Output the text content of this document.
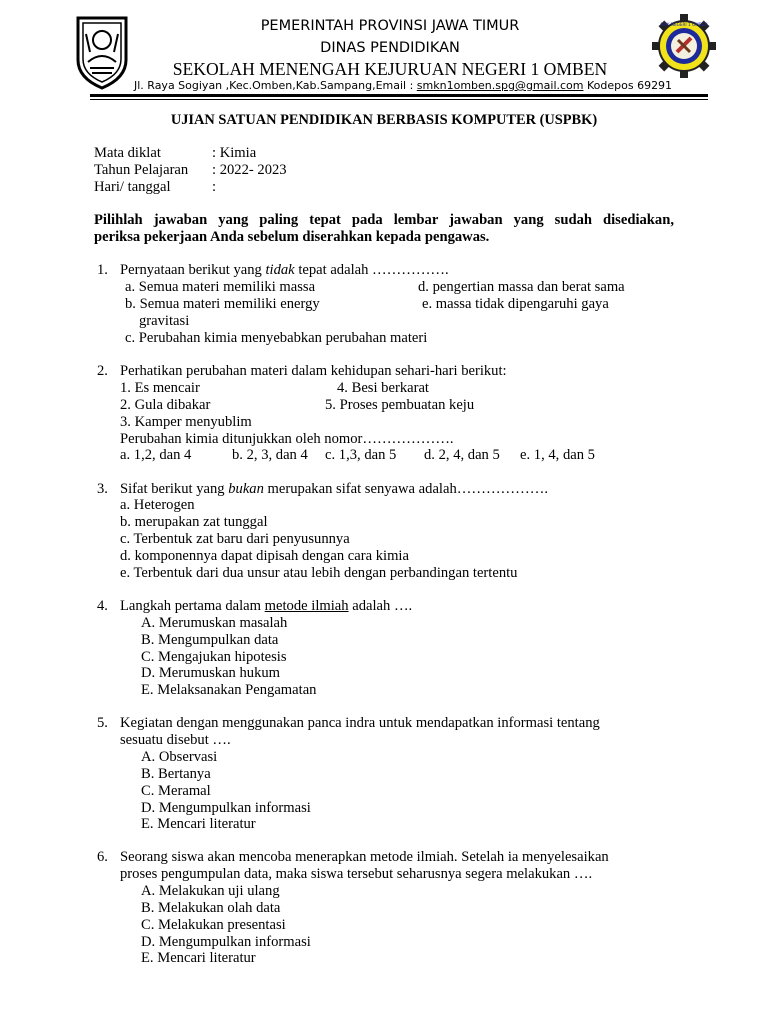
SMK NEGERI 1 OMBEN
PEMERINTAH PROVINSI JAWA TIMUR
DINAS PENDIDIKAN
SEKOLAH MENENGAH KEJURUAN NEGERI 1 OMBEN
Jl. Raya Sogiyan ,Kec.Omben,Kab.Sampang,Email : smkn1omben.spg@gmail.com Kodepos 69291
UJIAN SATUAN PENDIDIKAN BERBASIS KOMPUTER (USPBK)
Mata diklat	: Kimia
Tahun Pelajaran : 2022- 2023
Hari/ tanggal	:
Pilihlah jawaban yang paling tepat pada lembar jawaban yang sudah disediakan,
periksa pekerjaan Anda sebelum diserahkan kepada pengawas.
1. Pernyataan berikut yang tidak tepat adalah …………….
a. Semua materi memiliki massa	d. pengertian massa dan berat sama
b. Semua materi memiliki energy	e. massa tidak dipengaruhi gaya
gravitasi
c. Perubahan kimia menyebabkan perubahan materi
2. Perhatikan perubahan materi dalam kehidupan sehari-hari berikut:
1. Es mencair	4. Besi berkarat
2. Gula dibakar	5. Proses pembuatan keju
3. Kamper menyublim
Perubahan kimia ditunjukkan oleh nomor……………….
a. 1,2, dan 4	b. 2, 3, dan 4 c. 1,3, dan 5 d. 2, 4, dan 5 e. 1, 4, dan 5
3. Sifat berikut yang bukan merupakan sifat senyawa adalah……………….
a. Heterogen
b. merupakan zat tunggal
c. Terbentuk zat baru dari penyusunnya
d. komponennya dapat dipisah dengan cara kimia
e. Terbentuk dari dua unsur atau lebih dengan perbandingan tertentu
4. Langkah pertama dalam metode ilmiah adalah ….
A. Merumuskan masalah
B. Mengumpulkan data
C. Mengajukan hipotesis
D. Merumuskan hukum
E. Melaksanakan Pengamatan
5. Kegiatan dengan menggunakan panca indra untuk mendapatkan informasi tentang
sesuatu disebut ….
A. Observasi
B. Bertanya
C. Meramal
D. Mengumpulkan informasi
E. Mencari literatur
6. Seorang siswa akan mencoba menerapkan metode ilmiah. Setelah ia menyelesaikan
proses pengumpulan data, maka siswa tersebut seharusnya segera melakukan ….
A. Melakukan uji ulang
B. Melakukan olah data
C. Melakukan presentasi
D. Mengumpulkan informasi
E. Mencari literatur
